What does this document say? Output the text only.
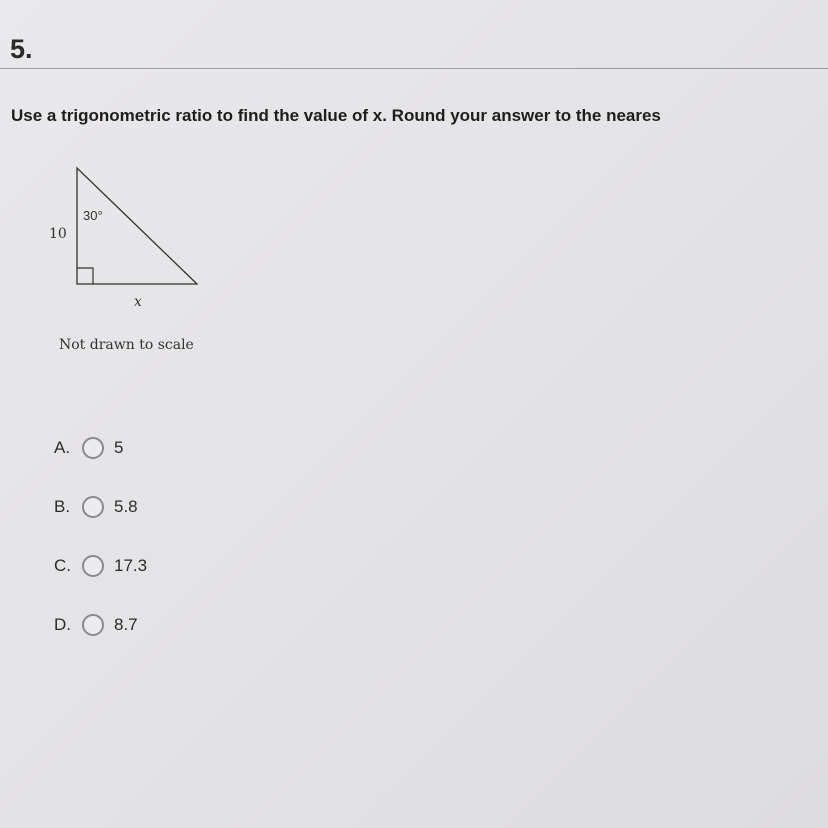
5.
Use a trigonometric ratio to find the value of x. Round your answer to the neares
10
30°
x
Not drawn to scale
A.	5
B.	5.8
C.	17.3
D.	8.7
